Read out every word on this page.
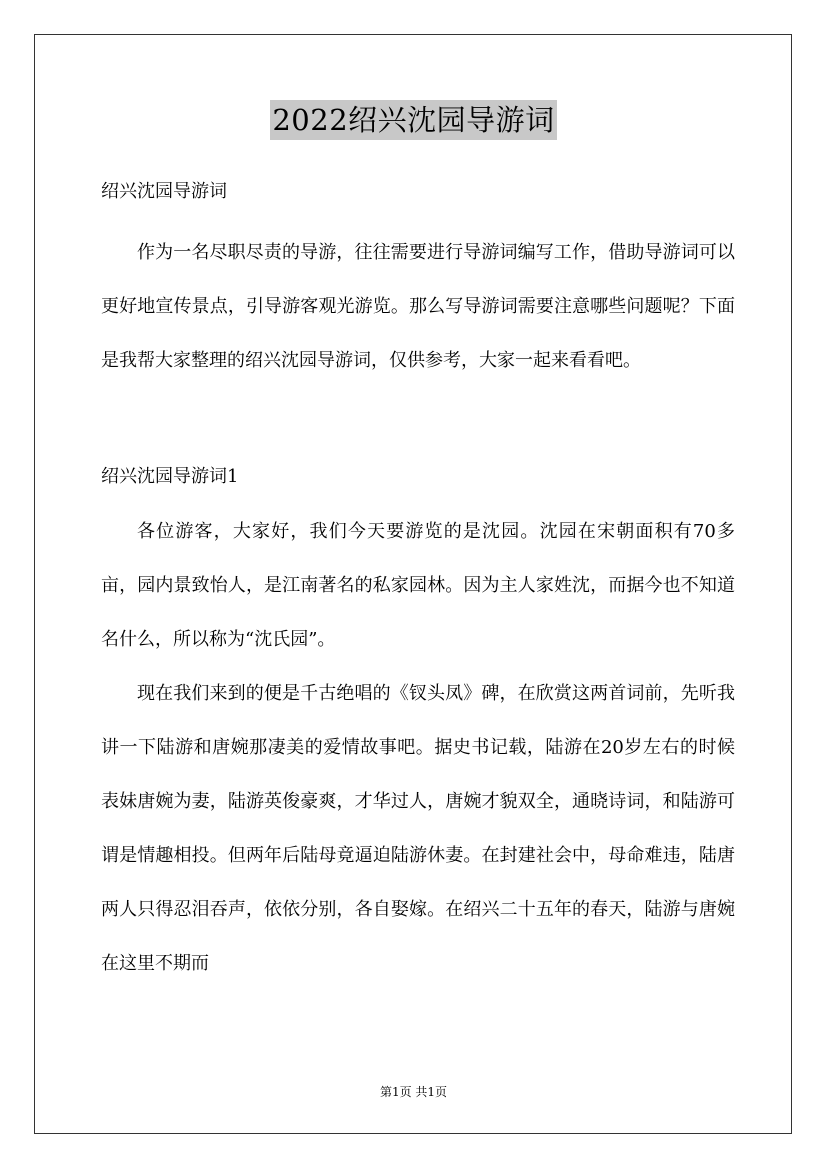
2022绍兴沈园导游词

绍兴沈园导游词

作为一名尽职尽责的导游，往往需要进行导游词编写工作，借助导游词可以更好地宣传景点，引导游客观光游览。那么写导游词需要注意哪些问题呢？下面是我帮大家整理的绍兴沈园导游词，仅供参考，大家一起来看看吧。

绍兴沈园导游词1

各位游客，大家好，我们今天要游览的是沈园。沈园在宋朝面积有70多亩，园内景致怡人，是江南著名的私家园林。因为主人家姓沈，而据今也不知道名什么，所以称为“沈氏园”。

现在我们来到的便是千古绝唱的《钗头凤》碑，在欣赏这两首词前，先听我讲一下陆游和唐婉那凄美的爱情故事吧。据史书记载，陆游在20岁左右的时候表妹唐婉为妻，陆游英俊豪爽，才华过人，唐婉才貌双全，通晓诗词，和陆游可谓是情趣相投。但两年后陆母竟逼迫陆游休妻。在封建社会中，母命难违，陆唐两人只得忍泪吞声，依依分别，各自娶嫁。在绍兴二十五年的春天，陆游与唐婉在这里不期而

第1页 共1页
